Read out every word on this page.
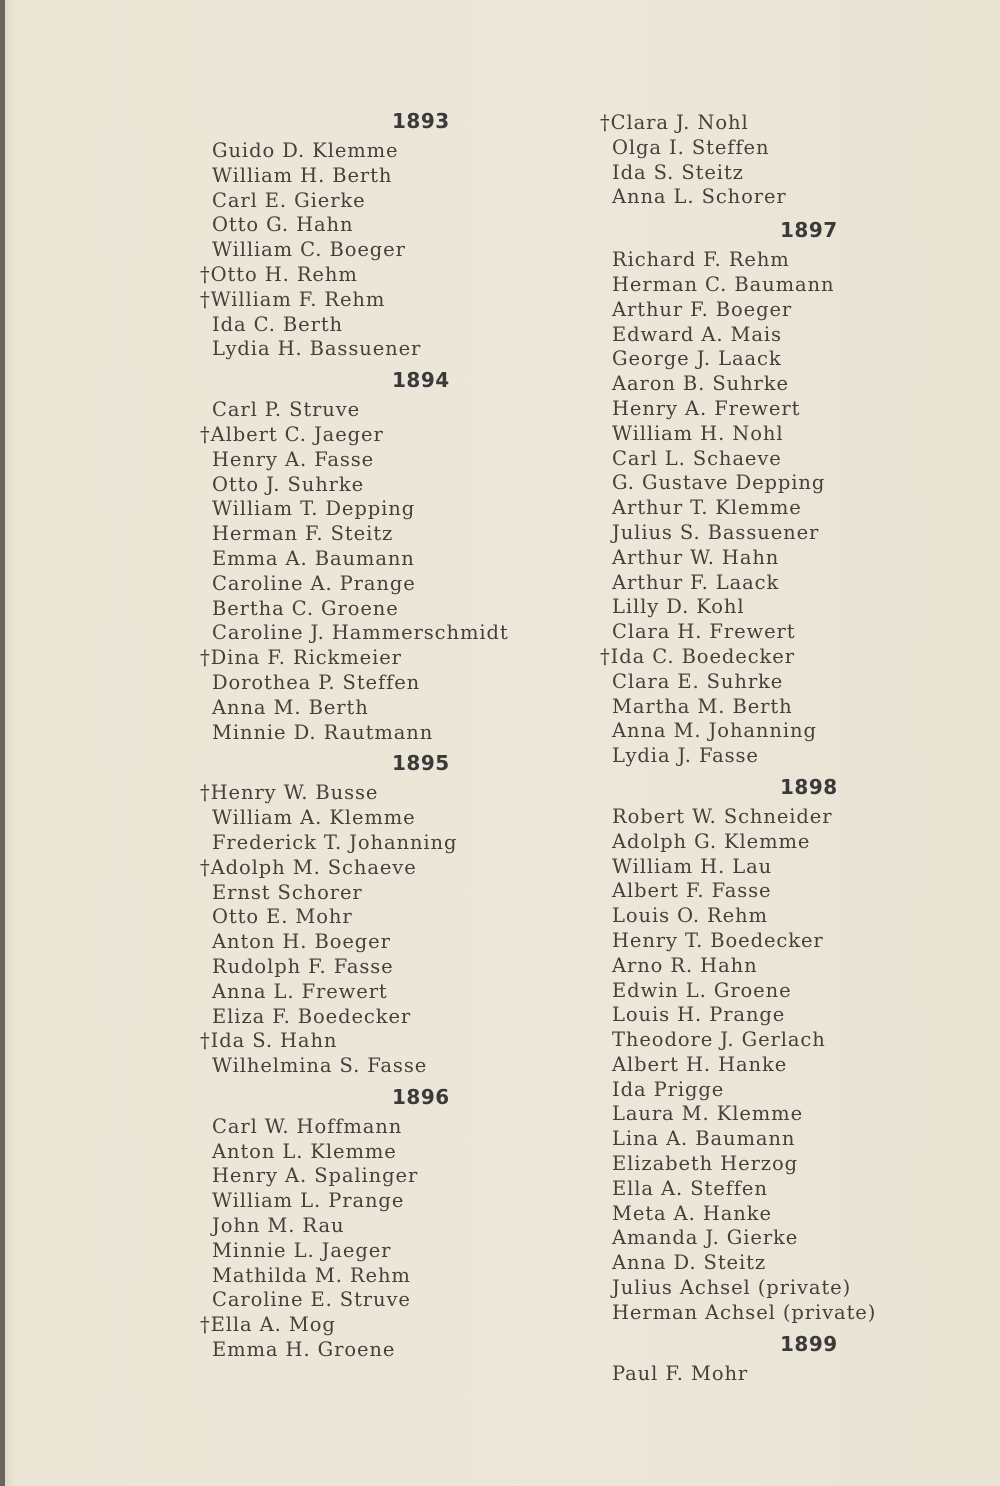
1893
Guido D. Klemme
William H. Berth
Carl E. Gierke
Otto G. Hahn
William C. Boeger
†Otto H. Rehm
†William F. Rehm
Ida C. Berth
Lydia H. Bassuener
1894
Carl P. Struve
†Albert C. Jaeger
Henry A. Fasse
Otto J. Suhrke
William T. Depping
Herman F. Steitz
Emma A. Baumann
Caroline A. Prange
Bertha C. Groene
Caroline J. Hammerschmidt
†Dina F. Rickmeier
Dorothea P. Steffen
Anna M. Berth
Minnie D. Rautmann
1895
†Henry W. Busse
William A. Klemme
Frederick T. Johanning
†Adolph M. Schaeve
Ernst Schorer
Otto E. Mohr
Anton H. Boeger
Rudolph F. Fasse
Anna L. Frewert
Eliza F. Boedecker
†Ida S. Hahn
Wilhelmina S. Fasse
1896
Carl W. Hoffmann
Anton L. Klemme
Henry A. Spalinger
William L. Prange
John M. Rau
Minnie L. Jaeger
Mathilda M. Rehm
Caroline E. Struve
†Ella A. Mog
Emma H. Groene
†Clara J. Nohl
Olga I. Steffen
Ida S. Steitz
Anna L. Schorer
1897
Richard F. Rehm
Herman C. Baumann
Arthur F. Boeger
Edward A. Mais
George J. Laack
Aaron B. Suhrke
Henry A. Frewert
William H. Nohl
Carl L. Schaeve
G. Gustave Depping
Arthur T. Klemme
Julius S. Bassuener
Arthur W. Hahn
Arthur F. Laack
Lilly D. Kohl
Clara H. Frewert
†Ida C. Boedecker
Clara E. Suhrke
Martha M. Berth
Anna M. Johanning
Lydia J. Fasse
1898
Robert W. Schneider
Adolph G. Klemme
William H. Lau
Albert F. Fasse
Louis O. Rehm
Henry T. Boedecker
Arno R. Hahn
Edwin L. Groene
Louis H. Prange
Theodore J. Gerlach
Albert H. Hanke
Ida Prigge
Laura M. Klemme
Lina A. Baumann
Elizabeth Herzog
Ella A. Steffen
Meta A. Hanke
Amanda J. Gierke
Anna D. Steitz
Julius Achsel (private)
Herman Achsel (private)
1899
Paul F. Mohr
